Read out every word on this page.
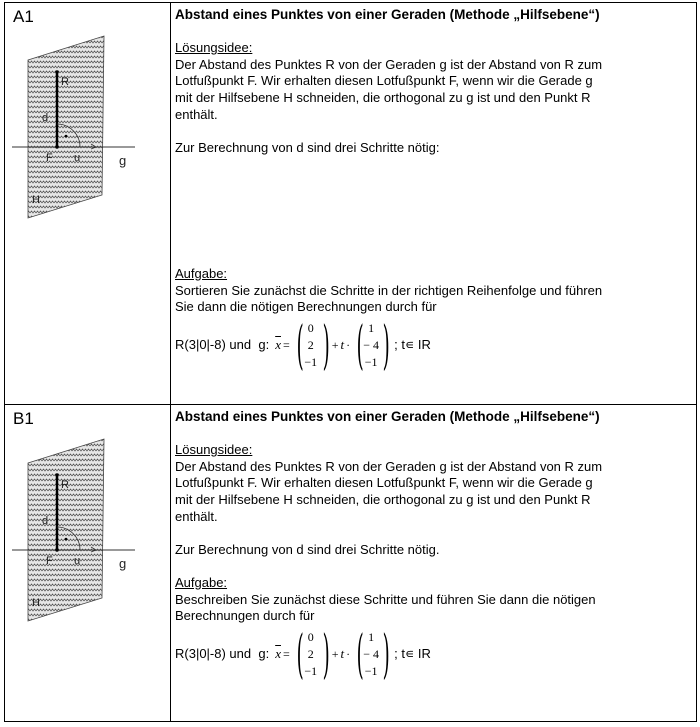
R
d
F u	g
H
R
d
F u	g
H
A1	Abstand eines Punktes von einer Geraden (Methode „Hilfsebene“)
Lösungsidee:
Der Abstand des Punktes R von der Geraden g ist der Abstand von R zum
Lotfußpunkt F. Wir erhalten diesen Lotfußpunkt F, wenn wir die Gerade g
mit der Hilfsebene H schneiden, die orthogonal zu g ist und den Punkt R
enthält.
Zur Berechnung von d sind drei Schritte nötig:
Aufgabe:
Sortieren Sie zunächst die Schritte in der richtigen Reihenfolge und führen
Sie dann die nötigen Berechnungen durch für
R(3|0|-8) und  g: $\overline{x}$ = ( 0
2
−1 ) + t · ( 1
− 4
−1 ) ; t∊ IR
B1	Abstand eines Punktes von einer Geraden (Methode „Hilfsebene“)
Lösungsidee:
Der Abstand des Punktes R von der Geraden g ist der Abstand von R zum
Lotfußpunkt F. Wir erhalten diesen Lotfußpunkt F, wenn wir die Gerade g
mit der Hilfsebene H schneiden, die orthogonal zu g ist und den Punkt R
enthält.
Zur Berechnung von d sind drei Schritte nötig.
Aufgabe:
Beschreiben Sie zunächst diese Schritte und führen Sie dann die nötigen
Berechnungen durch für
R(3|0|-8) und  g: $\overline{x}$ = ( 0
2
−1 ) + t · ( 1
− 4
−1 ) ; t∊ IR
